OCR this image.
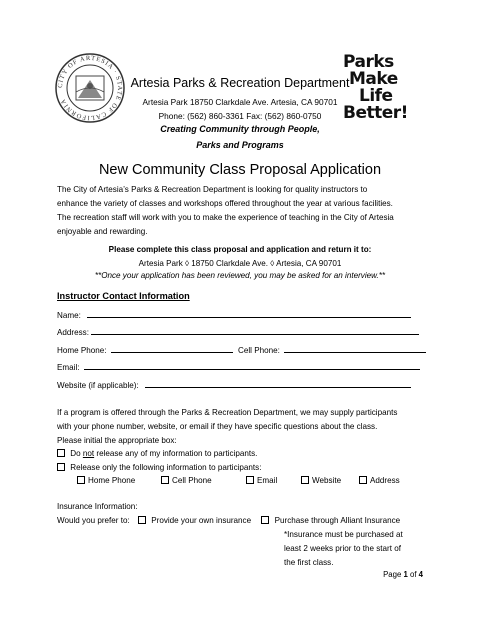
CITY OF ARTESIA · STATE OF CALIFORNIA
Parks
Make
Life
Better!
Artesia Parks & Recreation Department
Artesia Park 18750 Clarkdale Ave. Artesia, CA 90701
Phone: (562) 860-3361 Fax: (562) 860-0750
Creating Community through People,
Parks and Programs
New Community Class Proposal Application
The City of Artesia’s Parks & Recreation Department is looking for quality instructors to
enhance the variety of classes and workshops offered throughout the year at various facilities.
The recreation staff will work with you to make the experience of teaching in the City of Artesia
enjoyable and rewarding.
Please complete this class proposal and application and return it to:
Artesia Park ◊ 18750 Clarkdale Ave. ◊ Artesia, CA 90701
**Once your application has been reviewed, you may be asked for an interview.**
Instructor Contact Information
Name:
Address:
Home Phone:	Cell Phone:
Email:
Website (if applicable):
If a program is offered through the Parks & Recreation Department, we may supply participants
with your phone number, website, or email if they have specific questions about the class.
Please initial the appropriate box:
Do not release any of my information to participants.
Release only the following information to participants:
Home Phone	Cell Phone	Email	Website	Address
Insurance Information:
Would you prefer to:	Provide your own insurance	Purchase through Alliant Insurance
*Insurance must be purchased at
least 2 weeks prior to the start of
the first class.
Page 1 of 4
